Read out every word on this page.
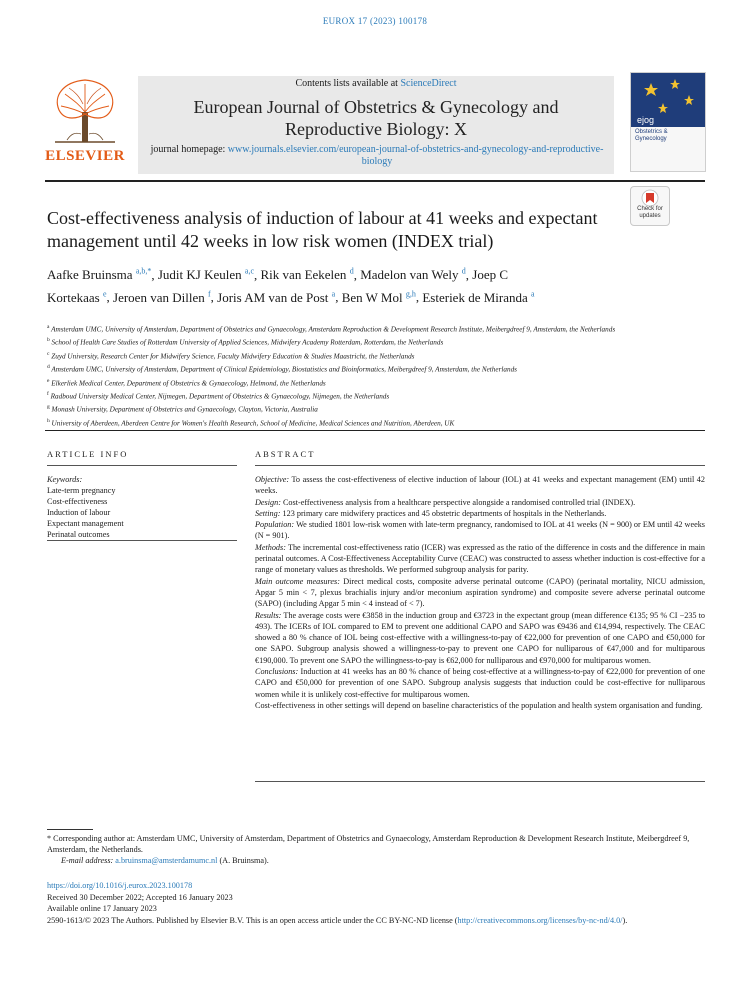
EUROX 17 (2023) 100178
ELSEVIER
Contents lists available at ScienceDirect
European Journal of Obstetrics & Gynecology and
Reproductive Biology: X
journal homepage: www.journals.elsevier.com/european-journal-of-obstetrics-and-gynecology-and-reproductive-biology
ejog
Obstetrics & Gynecology
Cost-effectiveness analysis of induction of labour at 41 weeks and expectant management until 42 weeks in low risk women (INDEX trial)
Check for updates
Aafke Bruinsma $^{a,b,*}$, Judit KJ Keulen $^{a,c}$, Rik van Eekelen $^d$, Madelon van Wely $^d$, Joep C Kortekaas $^e$, Jeroen van Dillen $^f$, Joris AM van de Post $^a$, Ben W Mol $^{g,h}$, Esteriek de Miranda $^a$
$^a$ Amsterdam UMC, University of Amsterdam, Department of Obstetrics and Gynaecology, Amsterdam Reproduction & Development Research Institute, Meibergdreef 9, Amsterdam, the Netherlands
$^b$ School of Health Care Studies of Rotterdam University of Applied Sciences, Midwifery Academy Rotterdam, Rotterdam, the Netherlands
$^c$ Zuyd University, Research Center for Midwifery Science, Faculty Midwifery Education & Studies Maastricht, the Netherlands
$^d$ Amsterdam UMC, University of Amsterdam, Department of Clinical Epidemiology, Biostatistics and Bioinformatics, Meibergdreef 9, Amsterdam, the Netherlands
$^e$ Elkerliek Medical Center, Department of Obstetrics & Gynaecology, Helmond, the Netherlands
$^f$ Radboud University Medical Center, Nijmegen, Department of Obstetrics & Gynaecology, Nijmegen, the Netherlands
$^g$ Monash University, Department of Obstetrics and Gynaecology, Clayton, Victoria, Australia
$^h$ University of Aberdeen, Aberdeen Centre for Women's Health Research, School of Medicine, Medical Sciences and Nutrition, Aberdeen, UK
ARTICLE INFO	ABSTRACT
Keywords:
Late-term pregnancy
Cost-effectiveness
Induction of labour
Expectant management
Perinatal outcomes

Objective: To assess the cost-effectiveness of elective induction of labour (IOL) at 41 weeks and expectant management (EM) until 42 weeks.

Design: Cost-effectiveness analysis from a healthcare perspective alongside a randomised controlled trial (INDEX).

Setting: 123 primary care midwifery practices and 45 obstetric departments of hospitals in the Netherlands.

Population: We studied 1801 low-risk women with late-term pregnancy, randomised to IOL at 41 weeks (N = 900) or EM until 42 weeks (N = 901).

Methods: The incremental cost-effectiveness ratio (ICER) was expressed as the ratio of the difference in costs and the difference in main perinatal outcomes. A Cost-Effectiveness Acceptability Curve (CEAC) was constructed to assess whether induction is cost-effective for a range of monetary values as thresholds. We performed subgroup analysis for parity.

Main outcome measures: Direct medical costs, composite adverse perinatal outcome (CAPO) (perinatal mortality, NICU admission, Apgar 5 min < 7, plexus brachialis injury and/or meconium aspiration syndrome) and composite severe adverse perinatal outcome (SAPO) (including Apgar 5 min < 4 instead of < 7).

Results: The average costs were €3858 in the induction group and €3723 in the expectant group (mean difference €135; 95 % CI −235 to 493). The ICERs of IOL compared to EM to prevent one additional CAPO and SAPO was €9436 and €14,994, respectively. The CEAC showed a 80 % chance of IOL being cost-effective with a willingness-to-pay of €22,000 for prevention of one CAPO and €50,000 for one SAPO. Subgroup analysis showed a willingness-to-pay to prevent one CAPO for nulliparous of €47,000 and for multiparous €190,000. To prevent one SAPO the willingness-to-pay is €62,000 for nulliparous and €970,000 for multiparous women.

Conclusions: Induction at 41 weeks has an 80 % chance of being cost-effective at a willingness-to-pay of €22,000 for prevention of one CAPO and €50,000 for prevention of one SAPO. Subgroup analysis suggests that induction could be cost-effective for nulliparous women while it is unlikely cost-effective for multiparous women.

Cost-effectiveness in other settings will depend on baseline characteristics of the population and health system organisation and funding.

* Corresponding author at: Amsterdam UMC, University of Amsterdam, Department of Obstetrics and Gynaecology, Amsterdam Reproduction & Development Research Institute, Meibergdreef 9, Amsterdam, the Netherlands.
E-mail address: a.bruinsma@amsterdamumc.nl (A. Bruinsma).
https://doi.org/10.1016/j.eurox.2023.100178
Received 30 December 2022; Accepted 16 January 2023
Available online 17 January 2023
2590-1613/© 2023 The Authors. Published by Elsevier B.V. This is an open access article under the CC BY-NC-ND license (http://creativecommons.org/licenses/by-nc-nd/4.0/).
